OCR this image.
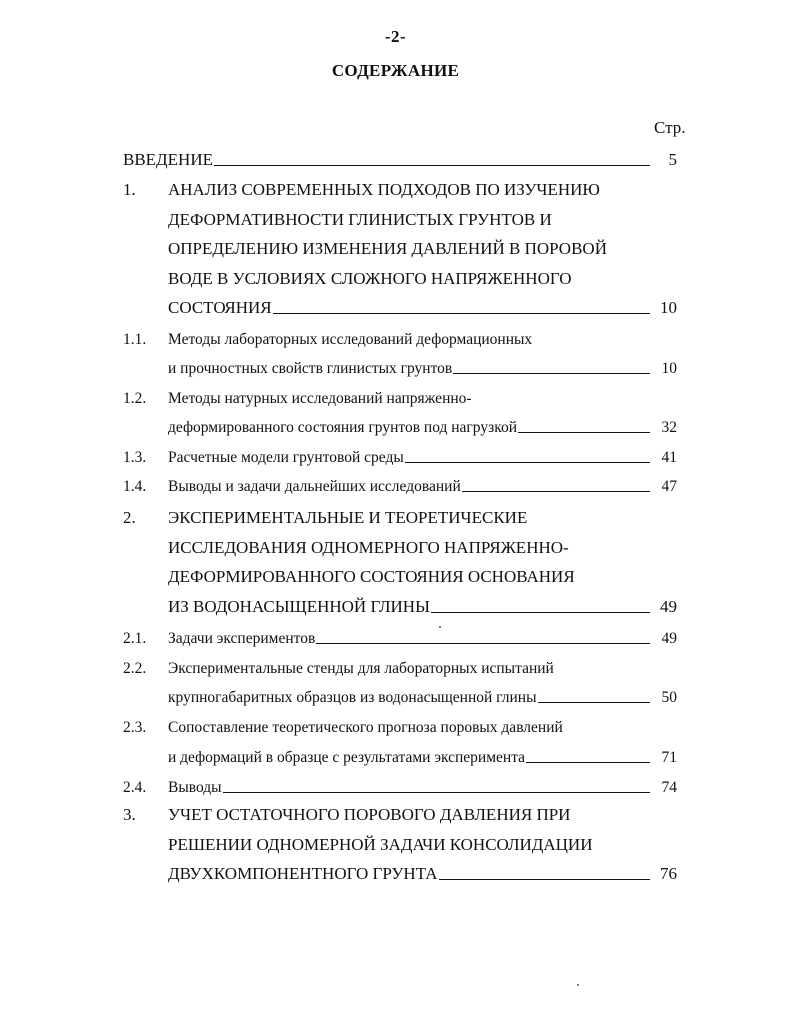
-2-
СОДЕРЖАНИЕ
Стр.
ВВЕДЕНИЕ	5
1. АНАЛИЗ СОВРЕМЕННЫХ ПОДХОДОВ ПО ИЗУЧЕНИЮ
ДЕФОРМАТИВНОСТИ ГЛИНИСТЫХ ГРУНТОВ И
ОПРЕДЕЛЕНИЮ ИЗМЕНЕНИЯ ДАВЛЕНИЙ В ПОРОВОЙ
ВОДЕ В УСЛОВИЯХ СЛОЖНОГО НАПРЯЖЕННОГО
СОСТОЯНИЯ	10
1.1. Методы лабораторных исследований деформационных
и прочностных свойств глинистых грунтов	10
1.2. Методы натурных исследований напряженно-
деформированного состояния грунтов под нагрузкой	32
1.3. Расчетные модели грунтовой среды	41
1.4. Выводы и задачи дальнейших исследований	47
2. ЭКСПЕРИМЕНТАЛЬНЫЕ И ТЕОРЕТИЧЕСКИЕ
ИССЛЕДОВАНИЯ ОДНОМЕРНОГО НАПРЯЖЕННО-
ДЕФОРМИРОВАННОГО СОСТОЯНИЯ ОСНОВАНИЯ
ИЗ ВОДОНАСЫЩЕННОЙ ГЛИНЫ	49
2.1. Задачи экспериментов	49
2.2. Экспериментальные стенды для лабораторных испытаний
крупногабаритных образцов из водонасыщенной глины	50
2.3. Сопоставление теоретического прогноза поровых давлений
и деформаций в образце с результатами эксперимента	71
2.4. Выводы	74
3. УЧЕТ ОСТАТОЧНОГО ПОРОВОГО ДАВЛЕНИЯ ПРИ
РЕШЕНИИ ОДНОМЕРНОЙ ЗАДАЧИ КОНСОЛИДАЦИИ
ДВУХКОМПОНЕНТНОГО ГРУНТА	76
